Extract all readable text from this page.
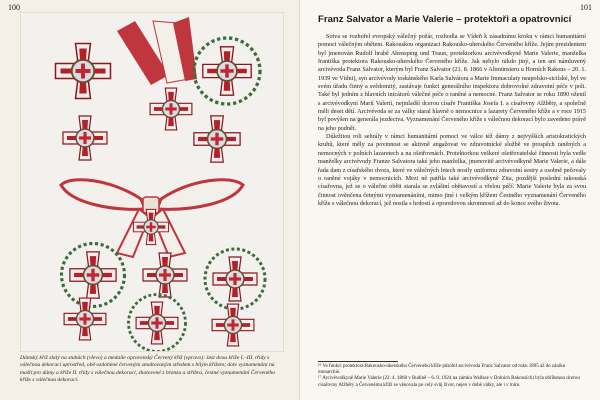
100
Dámský kříž zlatý na stuhách (vlevo) a medaile opravenský Červený kříž (vpravo): šest dvou kříže I.–III. třídy s válečnou dekorací uprostřed, obě ozdobené červeným smaltovaným středem s bílým křížem; dole vyznamenání na mašlí pro dámy a kříže II. třídy s válečnou dekorací, zhotovené z bronzu a stříbra, čestné vyznamenání Červeného kříže s válečnou dekorací.
101
Franz Salvator a Marie Valerie – protektoři a opatrovnicí

Sotva se rozhořel evropský válečný požár, rozhodla se Vídeň k zásadnímu kroku v rámci humanitární pomoci válečným obětem. Rakouskou organizaci Rakousko-uherského Červeného kříže. Jejím prezidentem byl jmenován Rudolf hrabě Abensperg und Traun, protektorkou arcivévodkyně Marie Valerie, manželka františka protektora Rakousko-uherského Červeného kříže. Jak nebylo nikdo jiný, a ten ani námluvený arcivévoda Franz Salvator, kterým byl Franz Salvator (21. 8. 1866 v Altmünsteru u Horních Rakous – 20. 1. 1939 ve Vídni), syn arcivévody toskánského Karla Salvátora a Marie Immaculaty neapolsko-sicilské, byl ve svém úřadu činný a svědomitý, zastávaje funkci generálního inspektora dobrovolné zdravotní péče v poli. Také byl jedním z hlavních inicátorů válečné péče o raněné a nemocné. Franz Salvator se roku 1890 oženil s arcivévodkyní Marií Valerií, nejmladší dcerou císaře Františka Josefa I. a císařovny Alžběty, a společně měli deset dětí. Arcivévoda se za války staral hlavně o nemocnice a lazarety Červeného kříže a v roce 1915 byl povýšen na generála jezdectva. Vyznamenání Červeného kříže s válečnou dekorací bylo zavedeno právě na jeho podnět.

Důležitou roli sehrály v rámci humanitární pomoci ve válce též dámy z nejvyšších aristokratických kruhů, které měly za povinnost se aktivně angažovat ve zdravotnické službě ve prospěch raněných a nemocných v polních lazaretech a na ošetřovnách. Protektorkou veškeré ošetřovatelské činnosti byla vedle manželky arcivévody Franze Salvatora také jeho manželka, jmenovitě arcivévodkyně Marie Valerie, a dále řada dam z císařského dvora, které ve válečných letech nosily uniformu zdravotní sestry a osobně pečovaly o raněné vojáky v nemocnicích. Mezi ně patřila také arcivévodkyně Zita, pozdější poslední rakouská císařovna, jež se o válečné oběti starala se zvláštní obětavostí a vřelou péčí. Marie Valerie byla za svou činnost ověnčena četnými vyznamenáními, mimo jiné i velkým křížem Čestného vyznamenání Červeného kříže s válečnou dekorací, jež nosila s hrdostí a opravdovou skromností až do konce svého života.

¹⁶ Ve funkci protektora Rakousko-uherského Červeného kříže působil arcivévoda Franz Salvator od roku 1895 až do zániku monarchie.

¹⁷ Arcivévodkyně Marie Valerie (22. 4. 1868 v Budíně – 6. 9. 1924 na zámku Wallsee v Dolních Rakousích) byla oblíbenou dcerou císařovny Alžběty a Červenému kříži se věnovala po celý svůj život, nejen v době války, ale i v míru.
